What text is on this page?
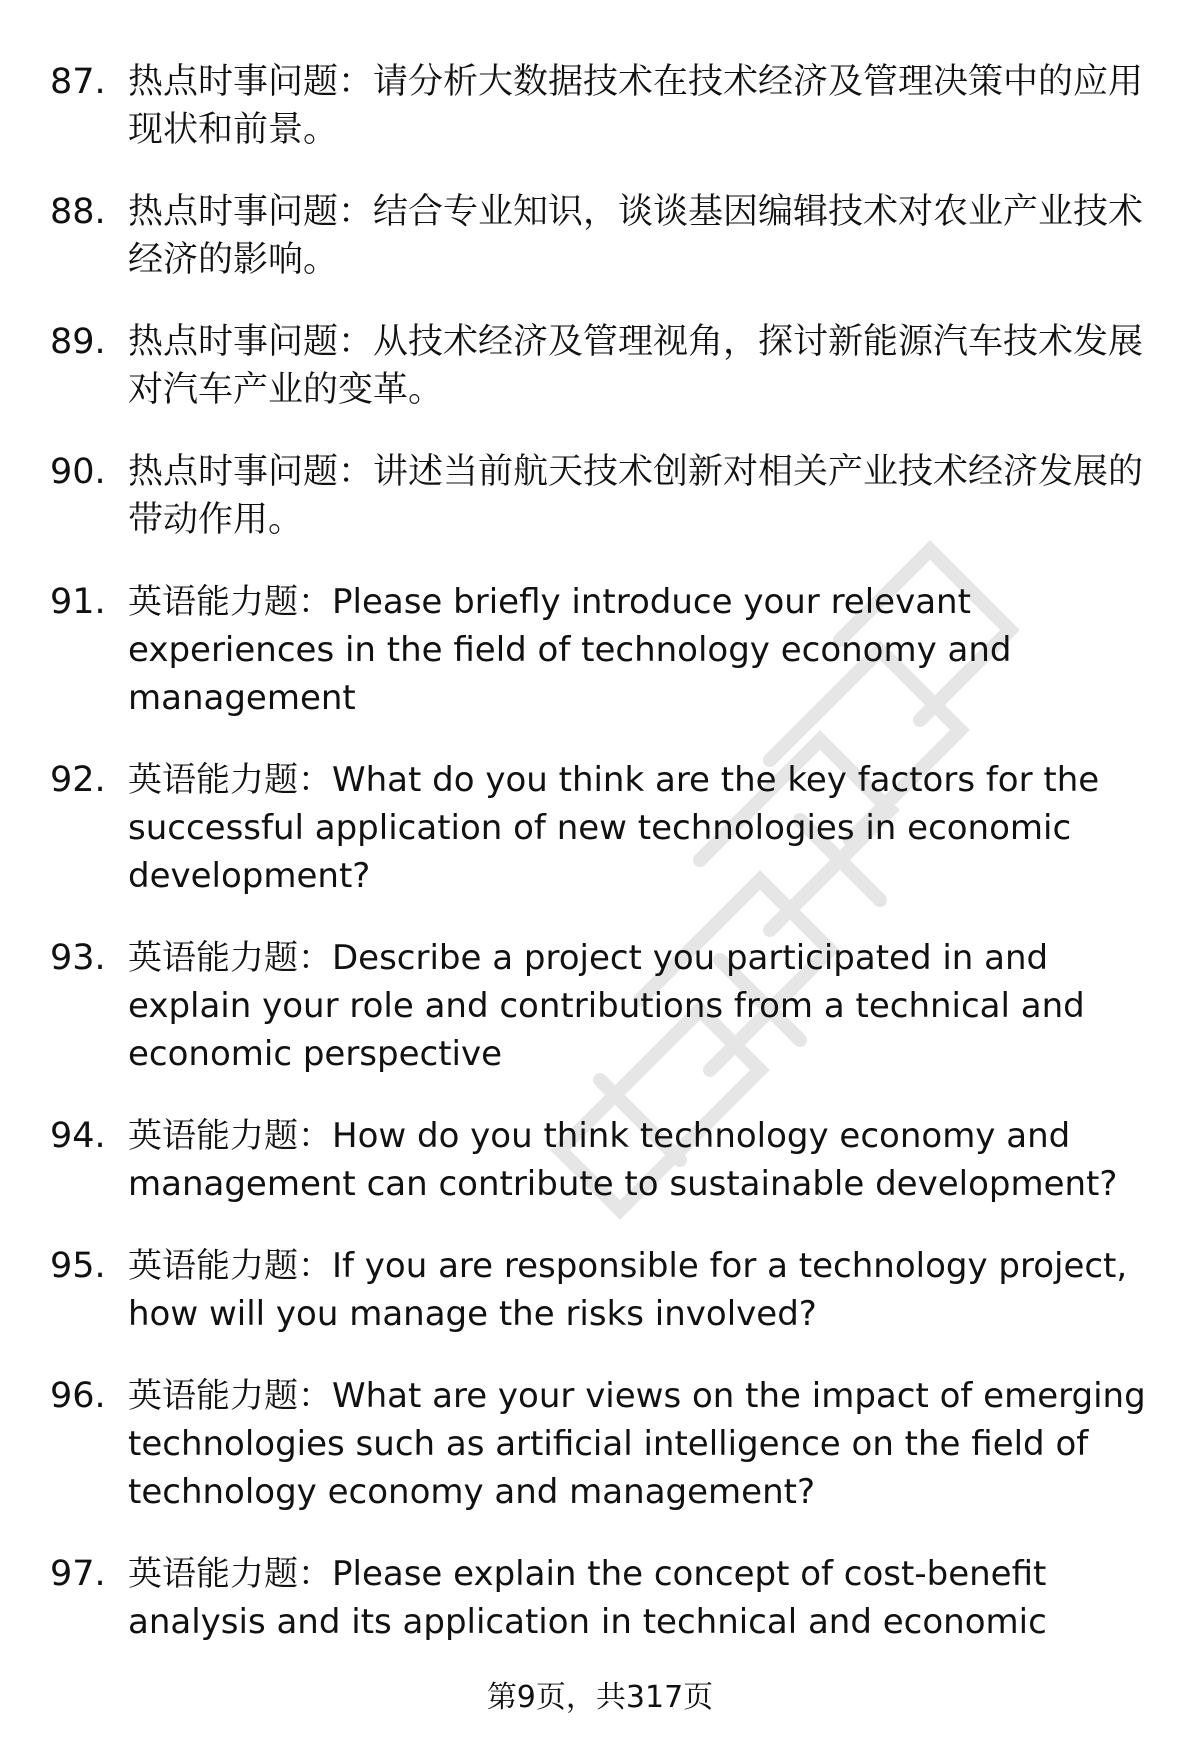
87. 热点时事问题：请分析大数据技术在技术经济及管理决策中的应用现状和前景。
88. 热点时事问题：结合专业知识，谈谈基因编辑技术对农业产业技术经济的影响。
89. 热点时事问题：从技术经济及管理视角，探讨新能源汽车技术发展对汽车产业的变革。
90. 热点时事问题：讲述当前航天技术创新对相关产业技术经济发展的带动作用。
91. 英语能力题：Please briefly introduce your relevant experiences in the field of technology economy and management
92. 英语能力题：What do you think are the key factors for the successful application of new technologies in economic development?
93. 英语能力题：Describe a project you participated in and explain your role and contributions from a technical and economic perspective
94. 英语能力题：How do you think technology economy and management can contribute to sustainable development?
95. 英语能力题：If you are responsible for a technology project, how will you manage the risks involved?
96. 英语能力题：What are your views on the impact of emerging technologies such as artificial intelligence on the field of technology economy and management?
97. 英语能力题：Please explain the concept of cost-benefit analysis and its application in technical and economic
第9页，共317页
